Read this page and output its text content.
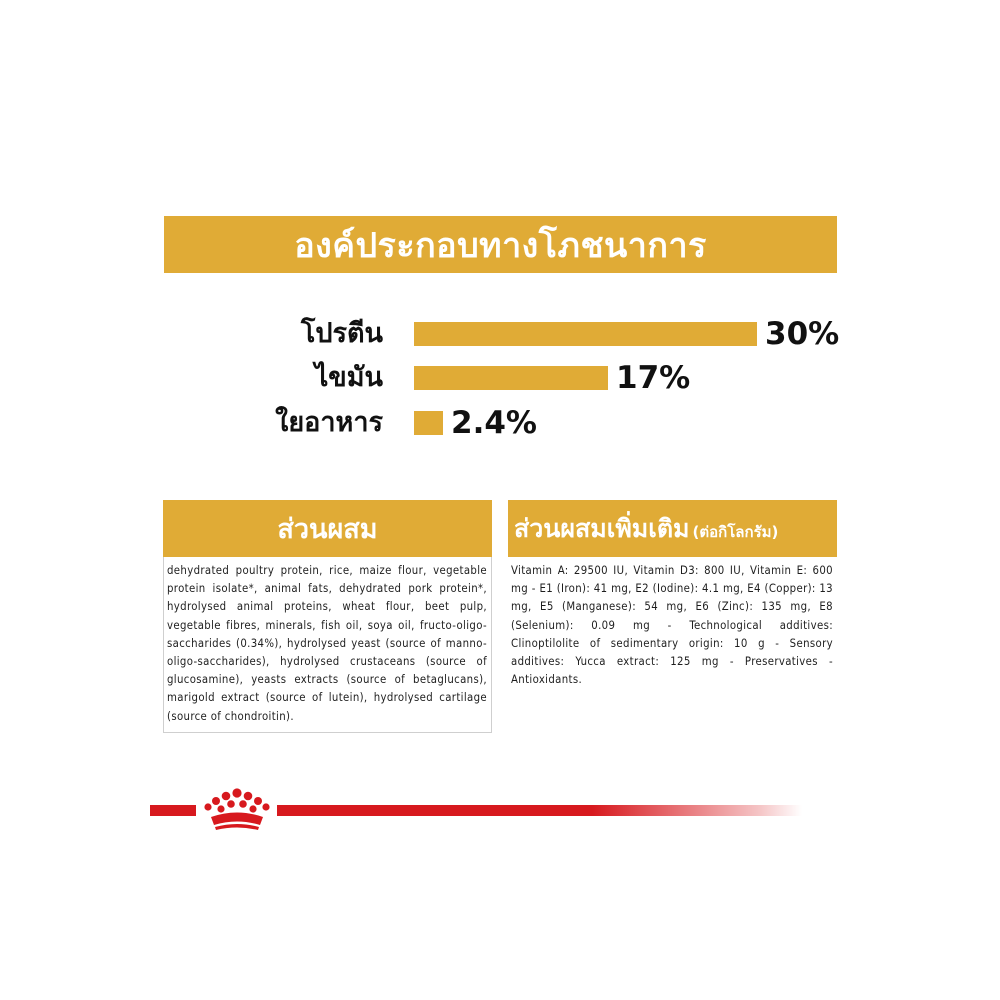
องค์ประกอบทางโภชนาการ
โปรตีน	30%
ไขมัน	17%
ใยอาหาร 2.4%
ส่วนผสม
dehydrated poultry protein, rice, maize flour, vegetable protein isolate*, animal fats, dehydrated pork protein*, hydrolysed animal proteins, wheat flour, beet pulp, vegetable fibres, minerals, fish oil, soya oil, fructo-oligo-saccharides (0.34%), hydrolysed yeast (source of manno-oligo-saccharides), hydrolysed crustaceans (source of glucosamine), yeasts extracts (source of betaglucans), marigold extract (source of lutein), hydrolysed cartilage (source of chondroitin).
ส่วนผสมเพิ่มเติม (ต่อกิโลกรัม)
Vitamin A: 29500 IU, Vitamin D3: 800 IU, Vitamin E: 600 mg - E1 (Iron): 41 mg, E2 (Iodine): 4.1 mg, E4 (Copper): 13 mg, E5 (Manganese): 54 mg, E6 (Zinc): 135 mg, E8 (Selenium): 0.09 mg - Technological additives: Clinoptilolite of sedimentary origin: 10 g - Sensory additives: Yucca extract: 125 mg - Preservatives - Antioxidants.
